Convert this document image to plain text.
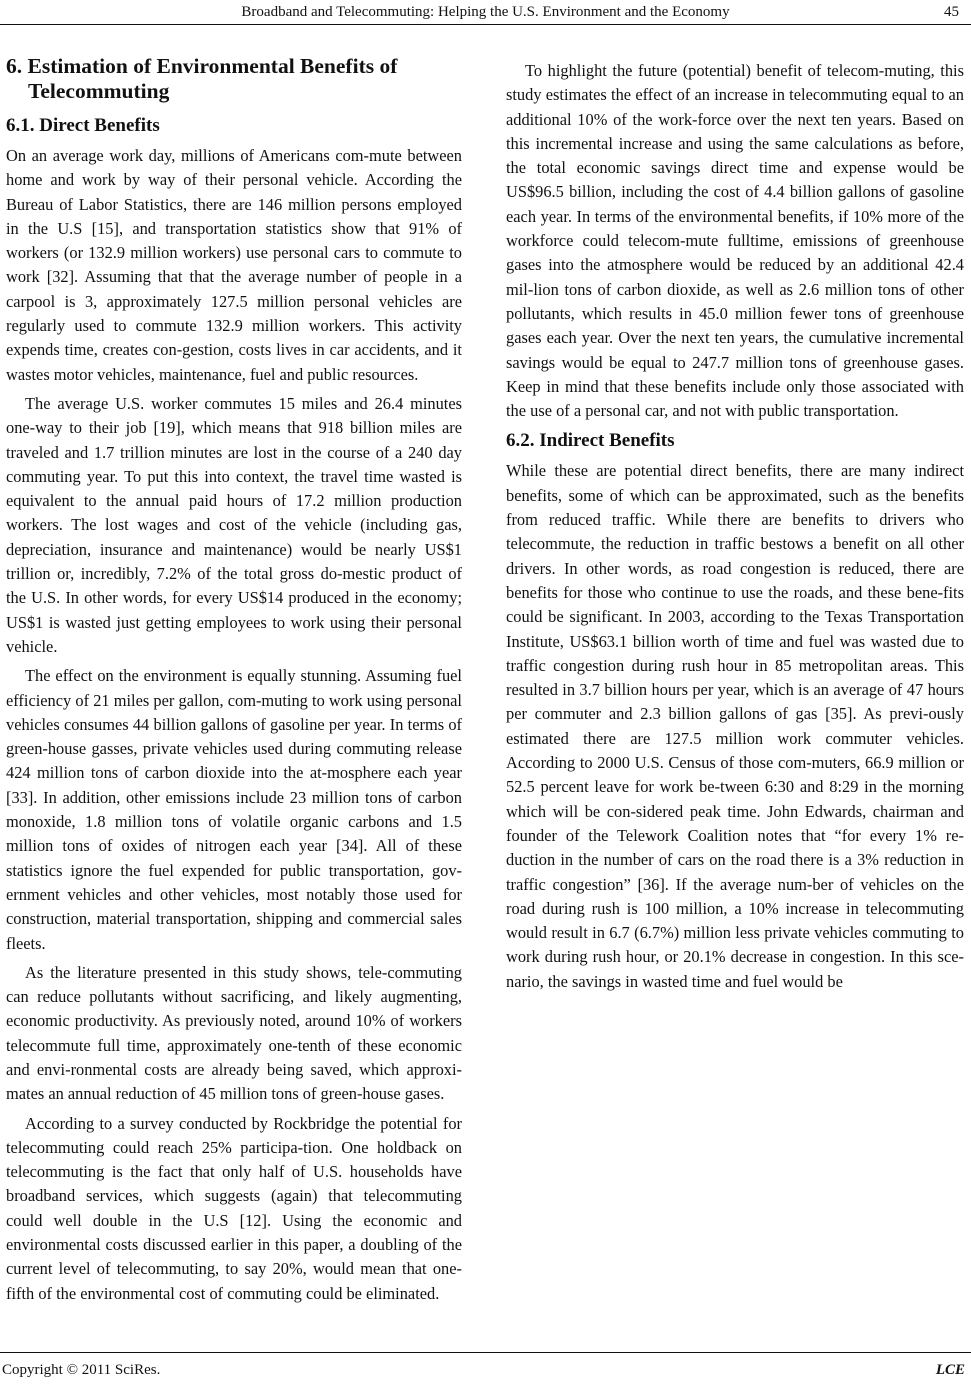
Broadband and Telecommuting: Helping the U.S. Environment and the Economy	45
6. Estimation of Environmental Benefits of Telecommuting
6.1. Direct Benefits

On an average work day, millions of Americans com-mute between home and work by way of their personal vehicle. According the Bureau of Labor Statistics, there are 146 million persons employed in the U.S [15], and transportation statistics show that 91% of workers (or 132.9 million workers) use personal cars to commute to work [32]. Assuming that that the average number of people in a carpool is 3, approximately 127.5 million personal vehicles are regularly used to commute 132.9 million workers. This activity expends time, creates con-gestion, costs lives in car accidents, and it wastes motor vehicles, maintenance, fuel and public resources.

The average U.S. worker commutes 15 miles and 26.4 minutes one-way to their job [19], which means that 918 billion miles are traveled and 1.7 trillion minutes are lost in the course of a 240 day commuting year. To put this into context, the travel time wasted is equivalent to the annual paid hours of 17.2 million production workers. The lost wages and cost of the vehicle (including gas, depreciation, insurance and maintenance) would be nearly US$1 trillion or, incredibly, 7.2% of the total gross do-mestic product of the U.S. In other words, for every US$14 produced in the economy; US$1 is wasted just getting employees to work using their personal vehicle.

The effect on the environment is equally stunning. Assuming fuel efficiency of 21 miles per gallon, com-muting to work using personal vehicles consumes 44 billion gallons of gasoline per year. In terms of green-house gasses, private vehicles used during commuting release 424 million tons of carbon dioxide into the at-mosphere each year [33]. In addition, other emissions include 23 million tons of carbon monoxide, 1.8 million tons of volatile organic carbons and 1.5 million tons of oxides of nitrogen each year [34]. All of these statistics ignore the fuel expended for public transportation, gov-ernment vehicles and other vehicles, most notably those used for construction, material transportation, shipping and commercial sales fleets.

As the literature presented in this study shows, tele-commuting can reduce pollutants without sacrificing, and likely augmenting, economic productivity. As previously noted, around 10% of workers telecommute full time, approximately one-tenth of these economic and envi-ronmental costs are already being saved, which approxi-mates an annual reduction of 45 million tons of green-house gases.

According to a survey conducted by Rockbridge the potential for telecommuting could reach 25% participa-tion. One holdback on telecommuting is the fact that only half of U.S. households have broadband services, which suggests (again) that telecommuting could well double in the U.S [12]. Using the economic and environmental costs discussed earlier in this paper, a doubling of the current level of telecommuting, to say 20%, would mean that one-fifth of the environmental cost of commuting could be eliminated.

To highlight the future (potential) benefit of telecom-muting, this study estimates the effect of an increase in telecommuting equal to an additional 10% of the work-force over the next ten years. Based on this incremental increase and using the same calculations as before, the total economic savings direct time and expense would be US$96.5 billion, including the cost of 4.4 billion gallons of gasoline each year. In terms of the environmental benefits, if 10% more of the workforce could telecom-mute fulltime, emissions of greenhouse gases into the atmosphere would be reduced by an additional 42.4 mil-lion tons of carbon dioxide, as well as 2.6 million tons of other pollutants, which results in 45.0 million fewer tons of greenhouse gases each year. Over the next ten years, the cumulative incremental savings would be equal to 247.7 million tons of greenhouse gases. Keep in mind that these benefits include only those associated with the use of a personal car, and not with public transportation.

6.2. Indirect Benefits

While these are potential direct benefits, there are many indirect benefits, some of which can be approximated, such as the benefits from reduced traffic. While there are benefits to drivers who telecommute, the reduction in traffic bestows a benefit on all other drivers. In other words, as road congestion is reduced, there are benefits for those who continue to use the roads, and these bene-fits could be significant. In 2003, according to the Texas Transportation Institute, US$63.1 billion worth of time and fuel was wasted due to traffic congestion during rush hour in 85 metropolitan areas. This resulted in 3.7 billion hours per year, which is an average of 47 hours per commuter and 2.3 billion gallons of gas [35]. As previ-ously estimated there are 127.5 million work commuter vehicles. According to 2000 U.S. Census of those com-muters, 66.9 million or 52.5 percent leave for work be-tween 6:30 and 8:29 in the morning which will be con-sidered peak time. John Edwards, chairman and founder of the Telework Coalition notes that “for every 1% re-duction in the number of cars on the road there is a 3% reduction in traffic congestion” [36]. If the average num-ber of vehicles on the road during rush is 100 million, a 10% increase in telecommuting would result in 6.7 (6.7%) million less private vehicles commuting to work during rush hour, or 20.1% decrease in congestion. In this sce-nario, the savings in wasted time and fuel would be

Copyright © 2011 SciRes.	LCE
